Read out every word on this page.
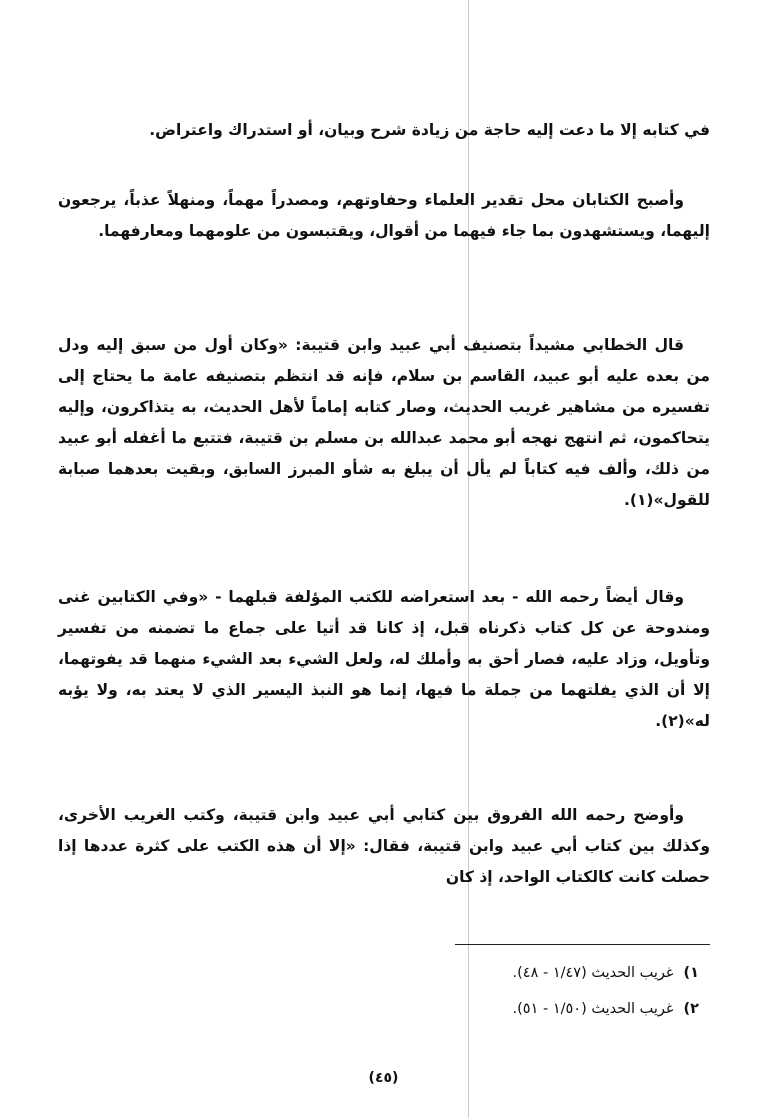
في كتابه إلا ما دعت إليه حاجة من زيادة شرح وبيان، أو استدراك واعتراض.

وأصبح الكتابان محل تقدير العلماء وحفاوتهم، ومصدراً مهماً، ومنهلاً عذباً، يرجعون إليهما، ويستشهدون بما جاء فيهما من أقوال، ويقتبسون من علومهما ومعارفهما.

قال الخطابي مشيداً بتصنيف أبي عبيد وابن قتيبة: «وكان أول من سبق إليه ودل من بعده عليه أبو عبيد، القاسم بن سلام، فإنه قد انتظم بتصنيفه عامة ما يحتاج إلى تفسيره من مشاهير غريب الحديث، وصار كتابه إماماً لأهل الحديث، به يتذاكرون، وإليه يتحاكمون، ثم انتهج نهجه أبو محمد عبدالله بن مسلم بن قتيبة، فتتبع ما أغفله أبو عبيد من ذلك، وألف فيه كتاباً لم يأل أن يبلغ به شأو المبرز السابق، وبقيت بعدهما صبابة للقول»(١).

وقال أيضاً رحمه الله - بعد استعراضه للكتب المؤلفة قبلهما - «وفي الكتابين غنى ومندوحة عن كل كتاب ذكرناه قبل، إذ كانا قد أتيا على جماع ما تضمنه من تفسير وتأويل، وزاد عليه، فصار أحق به وأملك له، ولعل الشيء بعد الشيء منهما قد يفوتهما، إلا أن الذي يفلتهما من جملة ما فيها، إنما هو النبذ اليسير الذي لا يعتد به، ولا يؤبه له»(٢).

وأوضح رحمه الله الفروق بين كتابي أبي عبيد وابن قتيبة، وكتب الغريب الأخرى، وكذلك بين كتاب أبي عبيد وابن قتيبة، فقال: «إلا أن هذه الكتب على كثرة عددها إذا حصلت كانت كالكتاب الواحد، إذ كان

١)غريب الحديث (١/٤٧ - ٤٨).

٢)غريب الحديث (١/٥٠ - ٥١).

(٤٥)
